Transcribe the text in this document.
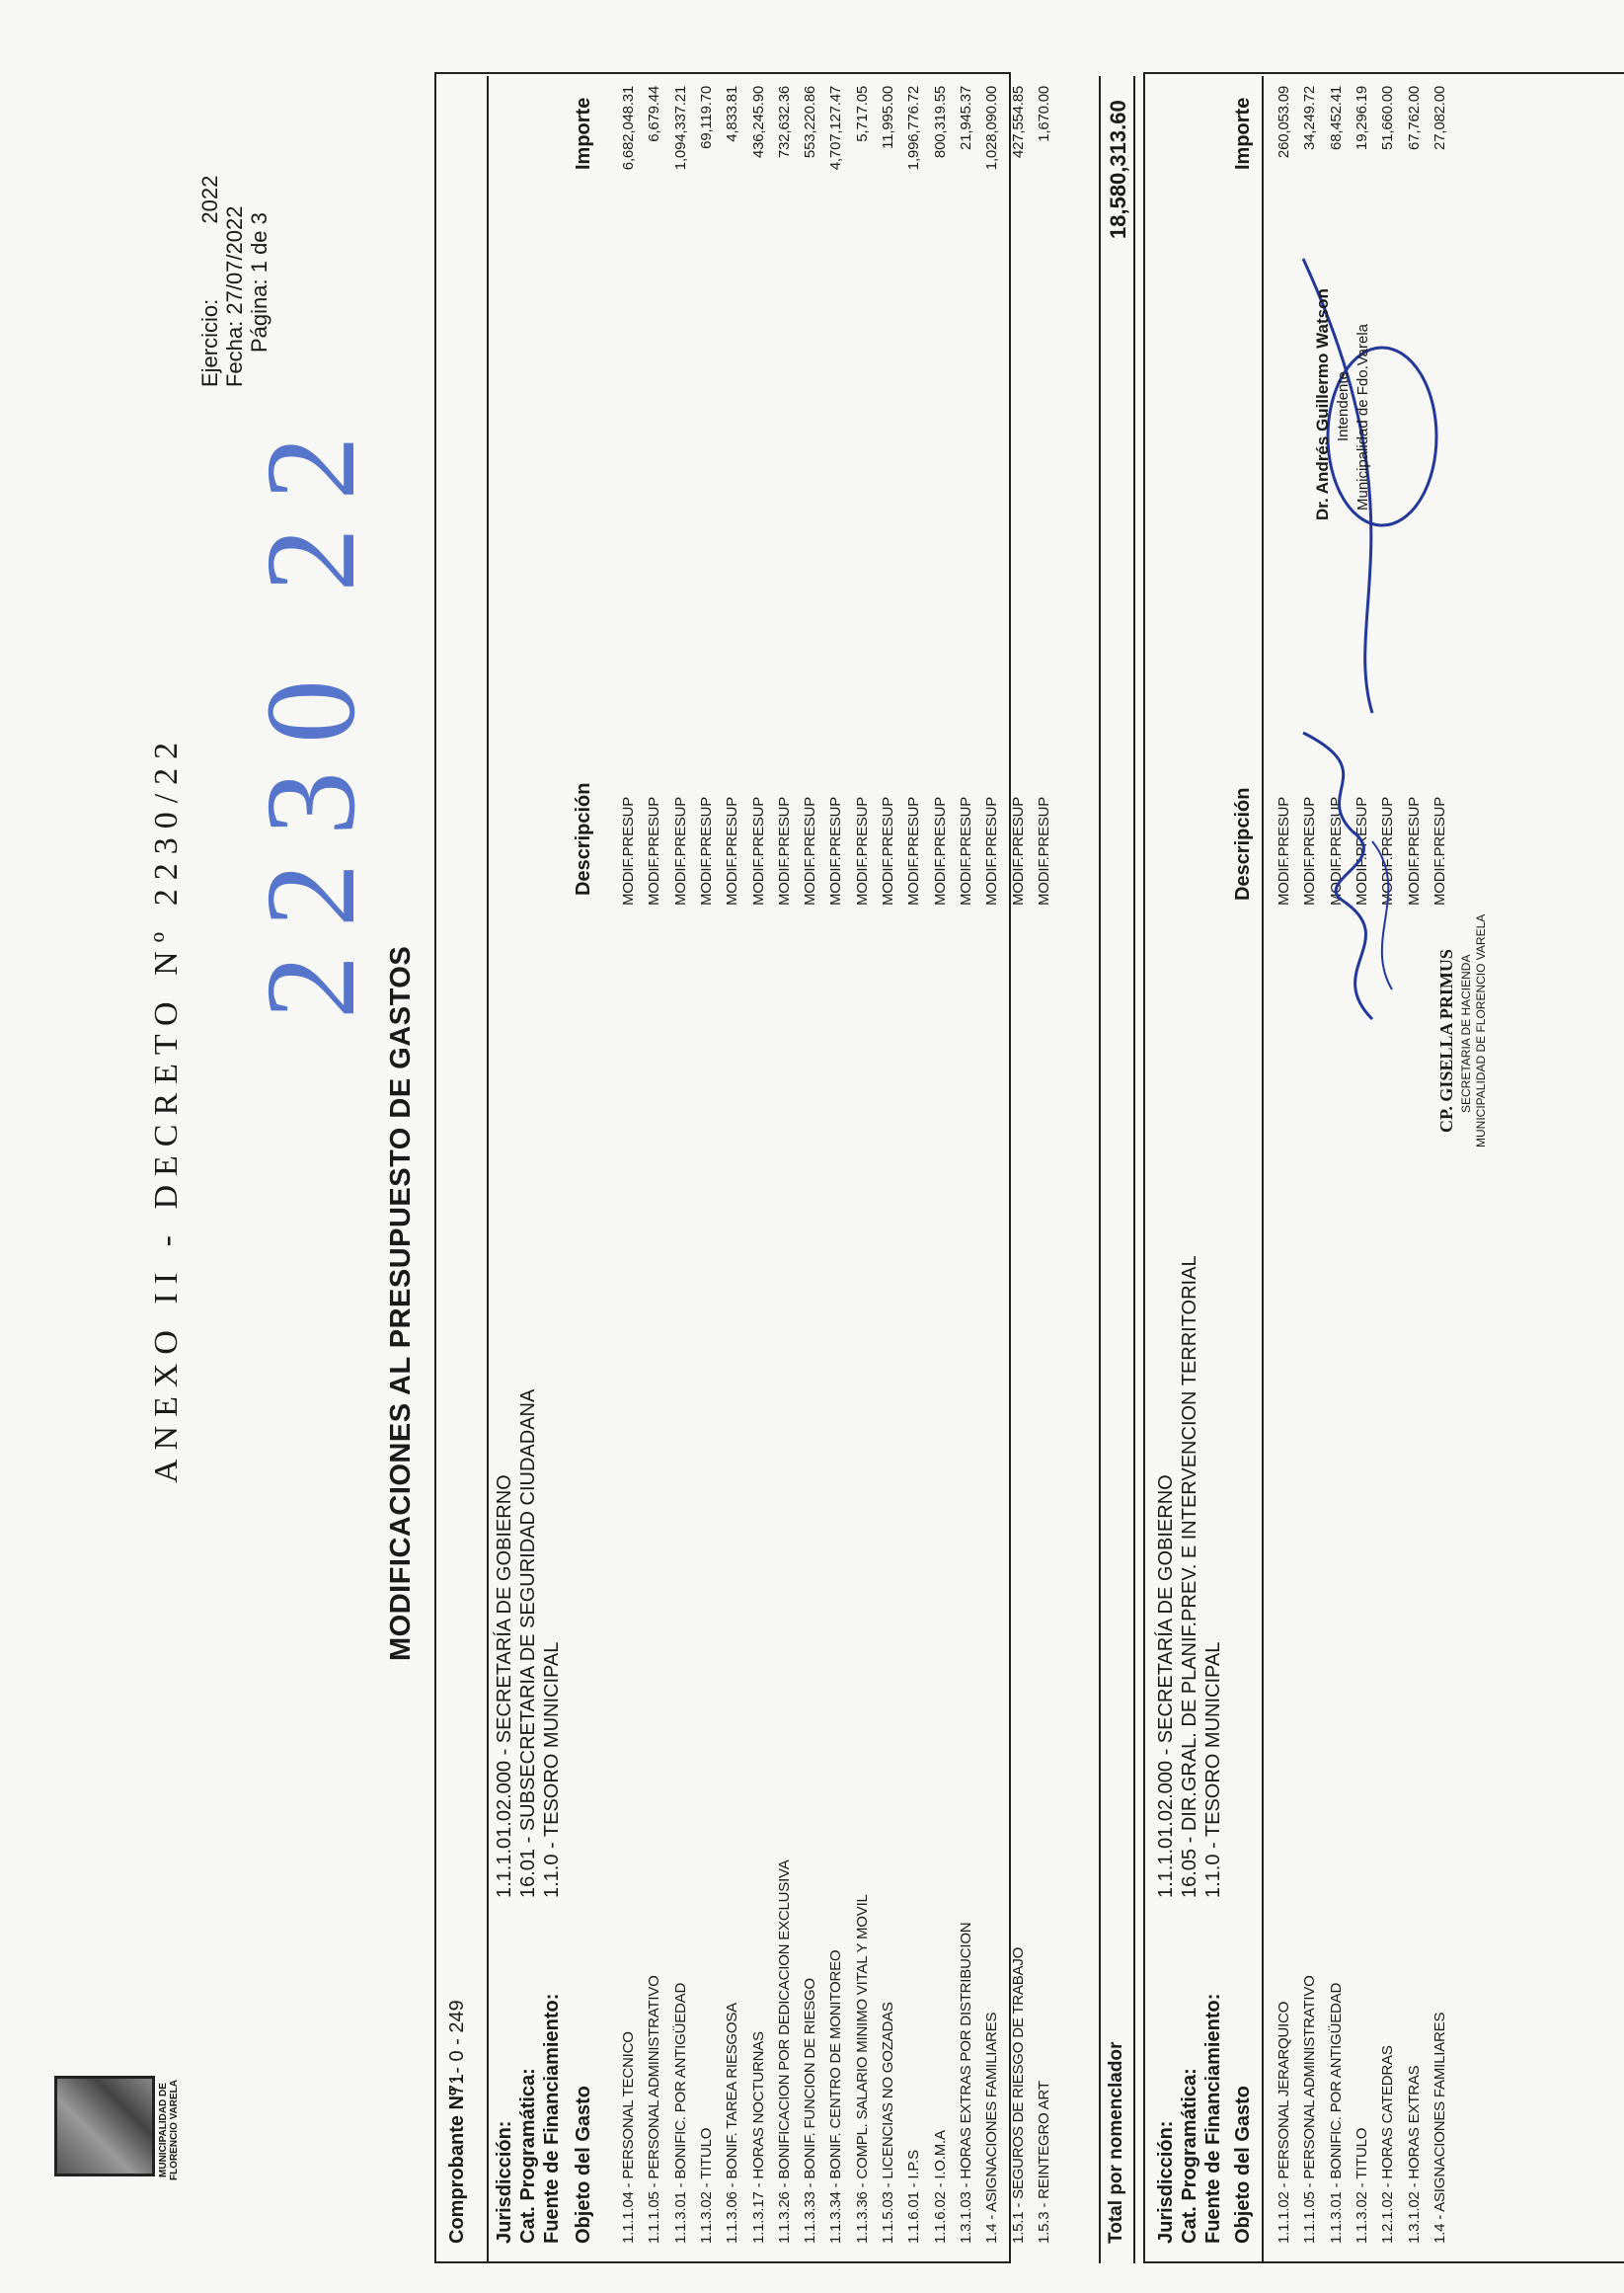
MUNICIPALIDAD DE FLORENCIO VARELA
ANEXO II - DECRETO Nº 2230/22	MODIFICACIONES AL PRESUPUESTO DE GASTOS
2230 22
Ejercicio: 2022
Fecha: 27/07/2022 Página: 1 de 3
Comprobante Nº :
71- 0 - 249
Jurisdicción: Cat. Programática: Fuente de Financiamiento:
1.1.1.01.02.000 - SECRETARÍA DE GOBIERNO 16.01 - SUBSECRETARIA DE SEGURIDAD CIUDADANA 1.1.0 - TESORO MUNICIPAL
Objeto del Gasto
Descripción
Importe
1.1.1.04 - PERSONAL TECNICO
MODIF.PRESUP
6,682,048.31
1.1.1.05 - PERSONAL ADMINISTRATIVO
MODIF.PRESUP
6,679.44
1.1.3.01 - BONIFIC. POR ANTIGÜEDAD
MODIF.PRESUP
1,094,337.21
1.1.3.02 - TITULO
MODIF.PRESUP
69,119.70
1.1.3.06 - BONIF. TAREA RIESGOSA
MODIF.PRESUP
4,833.81
1.1.3.17 - HORAS NOCTURNAS
MODIF.PRESUP
436,245.90
1.1.3.26 - BONIFICACION POR DEDICACION EXCLUSIVA
MODIF.PRESUP
732,632.36
1.1.3.33 - BONIF. FUNCION DE RIESGO
MODIF.PRESUP
553,220.86
1.1.3.34 - BONIF. CENTRO DE MONITOREO
MODIF.PRESUP
4,707,127.47
1.1.3.36 - COMPL. SALARIO MINIMO VITAL Y MOVIL
MODIF.PRESUP
5,717.05
1.1.5.03 - LICENCIAS NO GOZADAS
MODIF.PRESUP
11,995.00
1.1.6.01 - I.P.S
MODIF.PRESUP
1,996,776.72
1.1.6.02 - I.O.M.A
MODIF.PRESUP
800,319.55
1.3.1.03 - HORAS EXTRAS POR DISTRIBUCION
MODIF.PRESUP
21,945.37
1.4 - ASIGNACIONES FAMILIARES
MODIF.PRESUP
1,028,090.00
1.5.1 - SEGUROS DE RIESGO DE TRABAJO
MODIF.PRESUP
427,554.85
1.5.3 - REINTEGRO ART
MODIF.PRESUP
1,670.00
Total por nomenclador
18,580,313.60
Jurisdicción: Cat. Programática: Fuente de Financiamiento:
1.1.1.01.02.000 - SECRETARÍA DE GOBIERNO 16.05 - DIR.GRAL. DE PLANIF.PREV. E INTERVENCION TERRITORIAL 1.1.0 - TESORO MUNICIPAL
Objeto del Gasto
Descripción
Importe
1.1.1.02 - PERSONAL JERARQUICO
MODIF.PRESUP
260,053.09
1.1.1.05 - PERSONAL ADMINISTRATIVO
MODIF.PRESUP
34,249.72
1.1.3.01 - BONIFIC. POR ANTIGÜEDAD
MODIF.PRESUP
68,452.41
1.1.3.02 - TITULO
MODIF.PRESUP
19,296.19
1.2.1.02 - HORAS CATEDRAS
MODIF.PRESUP
51,660.00
1.3.1.02 - HORAS EXTRAS
MODIF.PRESUP
67,762.00
1.4 - ASIGNACIONES FAMILIARES
MODIF.PRESUP
27,082.00
CP. GISELLA PRIMUS SECRETARIA DE HACIENDA MUNICIPALIDAD DE FLORENCIO VARELA
Dr. Andrés Guillermo Watson Intendente Municipalidad de Fdo.Varela
